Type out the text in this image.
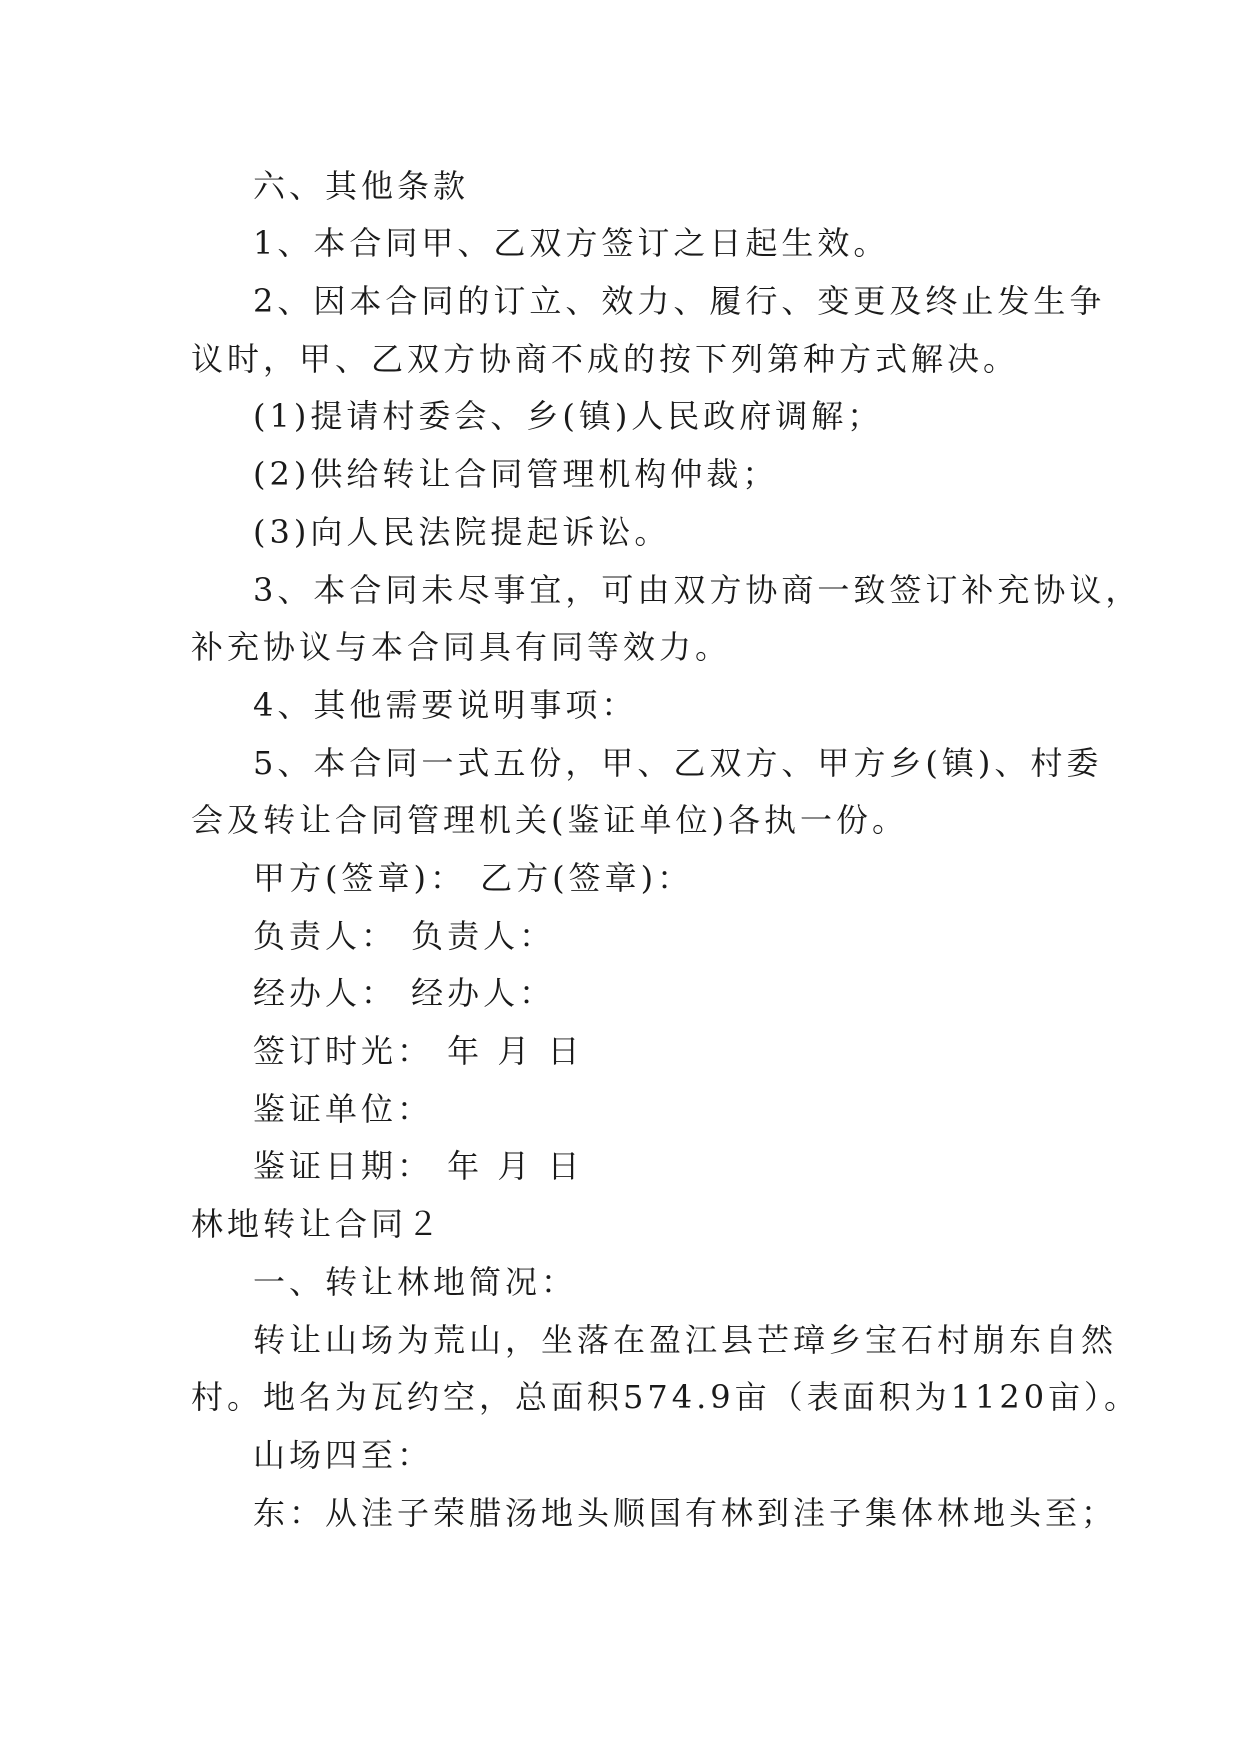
六、其他条款
1、本合同甲、乙双方签订之日起生效。
2、因本合同的订立、效力、履行、变更及终止发生争
议时，甲、乙双方协商不成的按下列第种方式解决。
(1)提请村委会、乡(镇)人民政府调解；
(2)供给转让合同管理机构仲裁；
(3)向人民法院提起诉讼。
3、本合同未尽事宜，可由双方协商一致签订补充协议，
补充协议与本合同具有同等效力。
4、其他需要说明事项：
5、本合同一式五份，甲、乙双方、甲方乡(镇)、村委
会及转让合同管理机关(鉴证单位)各执一份。
甲方(签章)： 乙方(签章)：
负责人： 负责人：
经办人： 经办人：
签订时光： 年 月 日
鉴证单位：
鉴证日期： 年 月 日
林地转让合同２
一、转让林地简况：
转让山场为荒山，坐落在盈江县芒璋乡宝石村崩东自然
村。地名为瓦约空，总面积574.9亩（表面积为1120亩）。
山场四至：
东：从洼子荣腊汤地头顺国有林到洼子集体林地头至；
